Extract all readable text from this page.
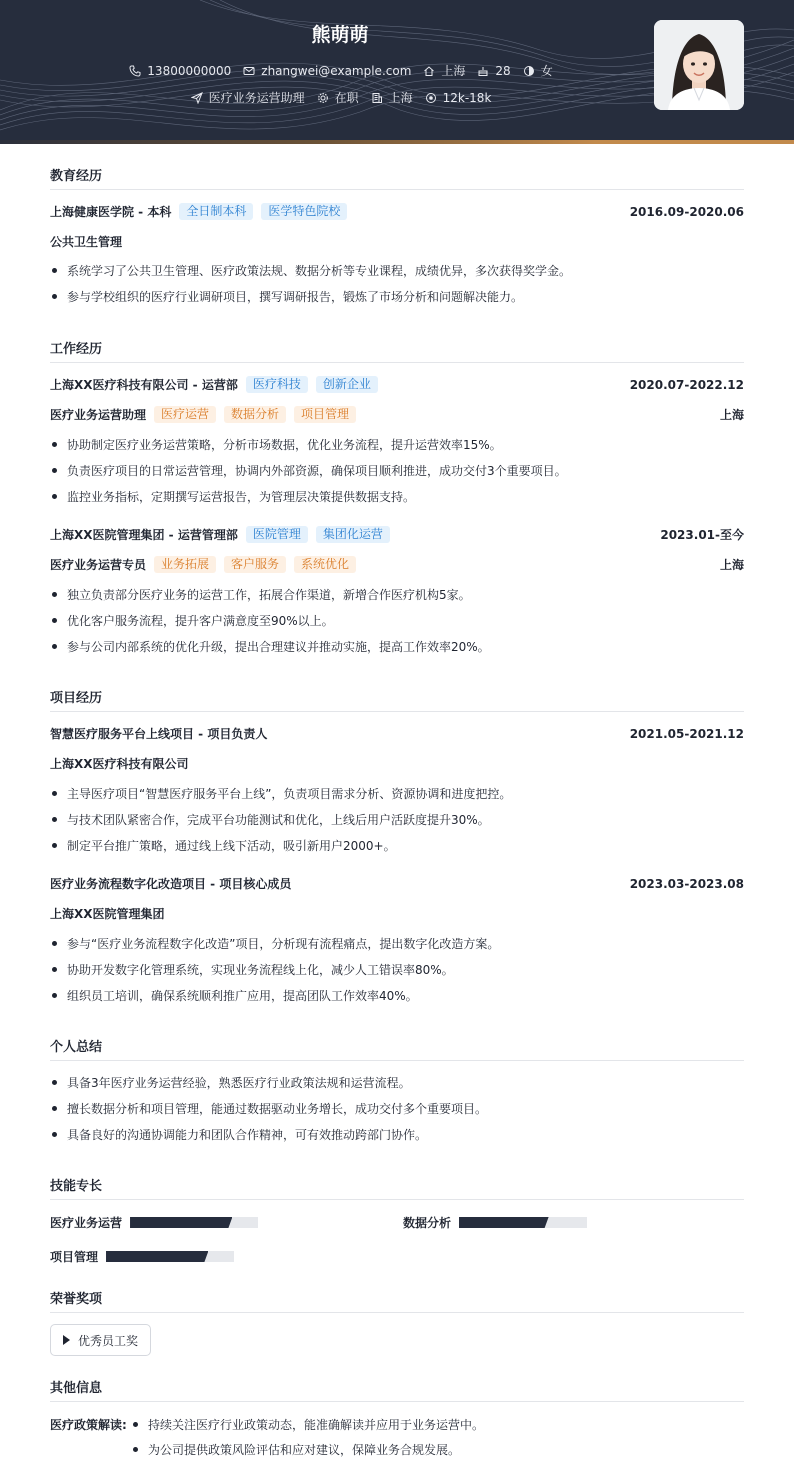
熊萌萌
13800000000	zhangwei@example.com	上海	28	女
医疗业务运营助理	在职	上海	12k-18k
教育经历
上海健康医学院 - 本科	全日制本科	医学特色院校	2016.09-2020.06
公共卫生管理
系统学习了公共卫生管理、医疗政策法规、数据分析等专业课程，成绩优异，多次获得奖学金。
参与学校组织的医疗行业调研项目，撰写调研报告，锻炼了市场分析和问题解决能力。
工作经历
上海XX医疗科技有限公司 - 运营部	医疗科技	创新企业	2020.07-2022.12
医疗业务运营助理	医疗运营	数据分析	项目管理	上海
协助制定医疗业务运营策略，分析市场数据，优化业务流程，提升运营效率15%。
负责医疗项目的日常运营管理，协调内外部资源，确保项目顺利推进，成功交付3个重要项目。
监控业务指标，定期撰写运营报告，为管理层决策提供数据支持。
上海XX医院管理集团 - 运营管理部	医院管理	集团化运营	2023.01-至今
医疗业务运营专员	业务拓展	客户服务	系统优化	上海
独立负责部分医疗业务的运营工作，拓展合作渠道，新增合作医疗机构5家。
优化客户服务流程，提升客户满意度至90%以上。
参与公司内部系统的优化升级，提出合理建议并推动实施，提高工作效率20%。
项目经历
智慧医疗服务平台上线项目 - 项目负责人	2021.05-2021.12
上海XX医疗科技有限公司
主导医疗项目“智慧医疗服务平台上线”，负责项目需求分析、资源协调和进度把控。
与技术团队紧密合作，完成平台功能测试和优化，上线后用户活跃度提升30%。
制定平台推广策略，通过线上线下活动，吸引新用户2000+。
医疗业务流程数字化改造项目 - 项目核心成员	2023.03-2023.08
上海XX医院管理集团
参与“医疗业务流程数字化改造”项目，分析现有流程痛点，提出数字化改造方案。
协助开发数字化管理系统，实现业务流程线上化，减少人工错误率80%。
组织员工培训，确保系统顺利推广应用，提高团队工作效率40%。
个人总结
具备3年医疗业务运营经验，熟悉医疗行业政策法规和运营流程。
擅长数据分析和项目管理，能通过数据驱动业务增长，成功交付多个重要项目。
具备良好的沟通协调能力和团队合作精神，可有效推动跨部门协作。
技能专长
医疗业务运营	数据分析
项目管理
荣誉奖项
优秀员工奖
其他信息
医疗政策解读: 持续关注医疗行业政策动态，能准确解读并应用于业务运营中。
为公司提供政策风险评估和应对建议，保障业务合规发展。
